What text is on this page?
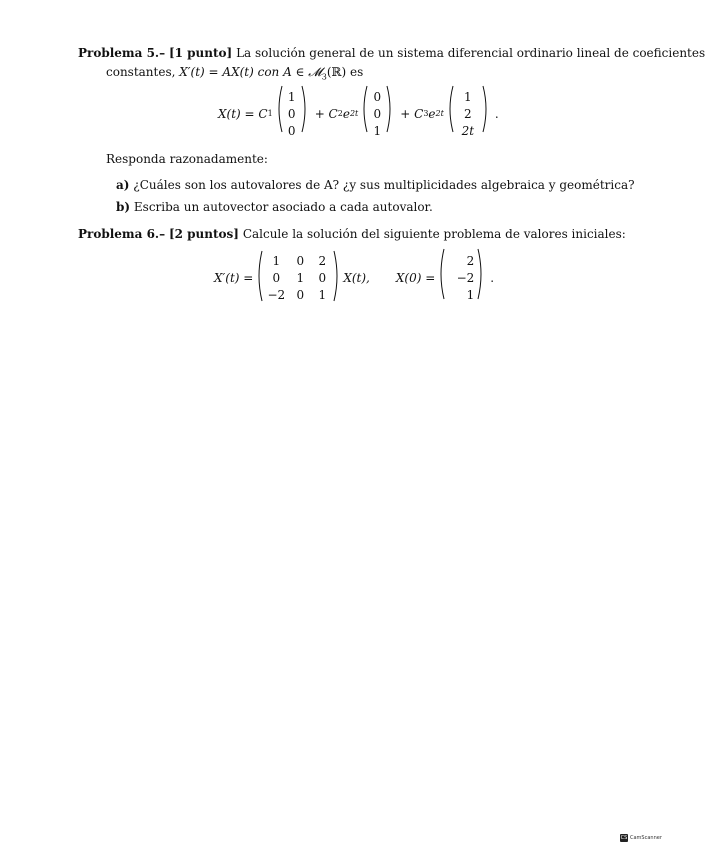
Problema 5.– [1 punto] La solución general de un sistema diferencial ordinario lineal de coeficientes
constantes, X′(t) = AX(t) con A ∈ 𝓜$_3$(ℝ) es
X(t) = C 1
1
0
0
+ C 2 e 2t
0
0
1
+ C 3 e 2t
1
2
2t
.
Responda razonadamente:
a) ¿Cuáles son los autovalores de A? ¿y sus multiplicidades algebraica y geométrica?
b) Escriba un autovector asociado a cada autovalor.
Problema 6.– [2 puntos] Calcule la solución del siguiente problema de valores iniciales:
X′(t) =
1	0	2
0	1	0
−2 0	1
X(t), X(0) =
2
−2
1
.
CS CamScanner
